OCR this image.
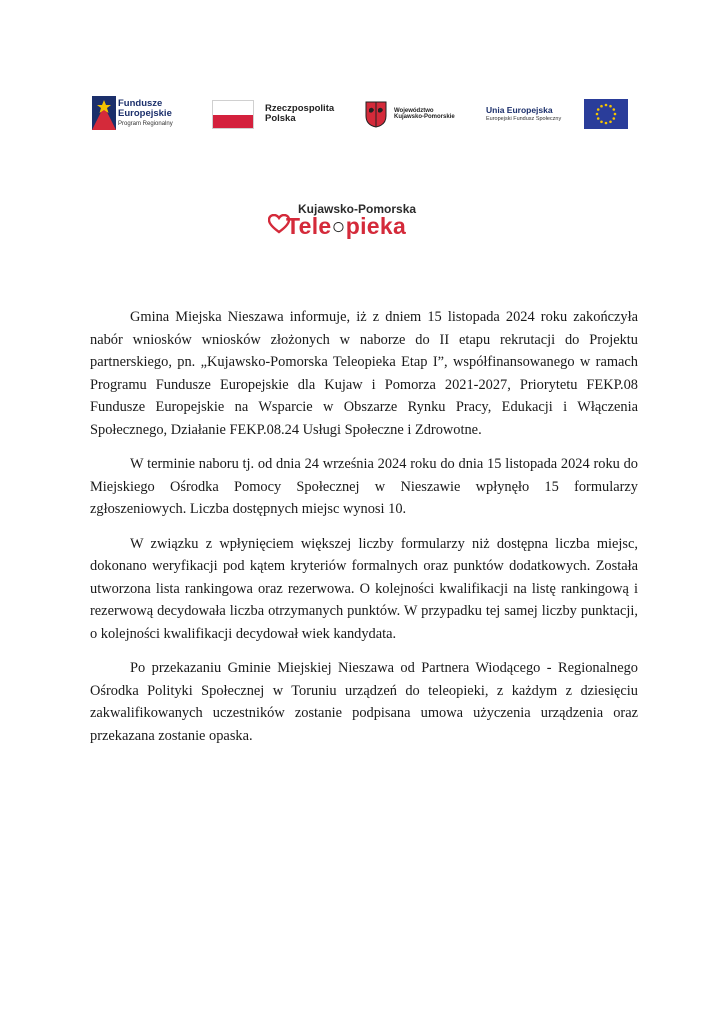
Fundusze
Europejskie
Program Regionalny
Rzeczpospolita
Polska
Województwo
Kujawsko-Pomorskie
Unia Europejska
Europejski Fundusz Społeczny
Kujawsko-Pomorska
Tele○pieka

Gmina Miejska Nieszawa informuje, iż z dniem 15 listopada 2024 roku zakończyła nabór wniosków wniosków złożonych w naborze do II etapu rekrutacji do Projektu partnerskiego, pn. „Kujawsko-Pomorska Teleopieka Etap I”, współfinansowanego w ramach Programu Fundusze Europejskie dla Kujaw i Pomorza 2021-2027, Priorytetu FEKP.08 Fundusze Europejskie na Wsparcie w Obszarze Rynku Pracy, Edukacji i Włączenia Społecznego, Działanie FEKP.08.24 Usługi Społeczne i Zdrowotne.

W terminie naboru tj. od dnia 24 września 2024 roku do dnia 15 listopada 2024 roku do Miejskiego Ośrodka Pomocy Społecznej w Nieszawie wpłynęło 15 formularzy zgłoszeniowych. Liczba dostępnych miejsc wynosi 10.

W związku z wpłynięciem większej liczby formularzy niż dostępna liczba miejsc, dokonano weryfikacji pod kątem kryteriów formalnych oraz punktów dodatkowych. Została utworzona lista rankingowa oraz rezerwowa. O kolejności kwalifikacji na listę rankingową i rezerwową decydowała liczba otrzymanych punktów. W przypadku tej samej liczby punktacji, o kolejności kwalifikacji decydował wiek kandydata.

Po przekazaniu Gminie Miejskiej Nieszawa od Partnera Wiodącego - Regionalnego Ośrodka Polityki Społecznej w Toruniu urządzeń do teleopieki, z każdym z dziesięciu zakwalifikowanych uczestników zostanie podpisana umowa użyczenia urządzenia oraz przekazana zostanie opaska.
